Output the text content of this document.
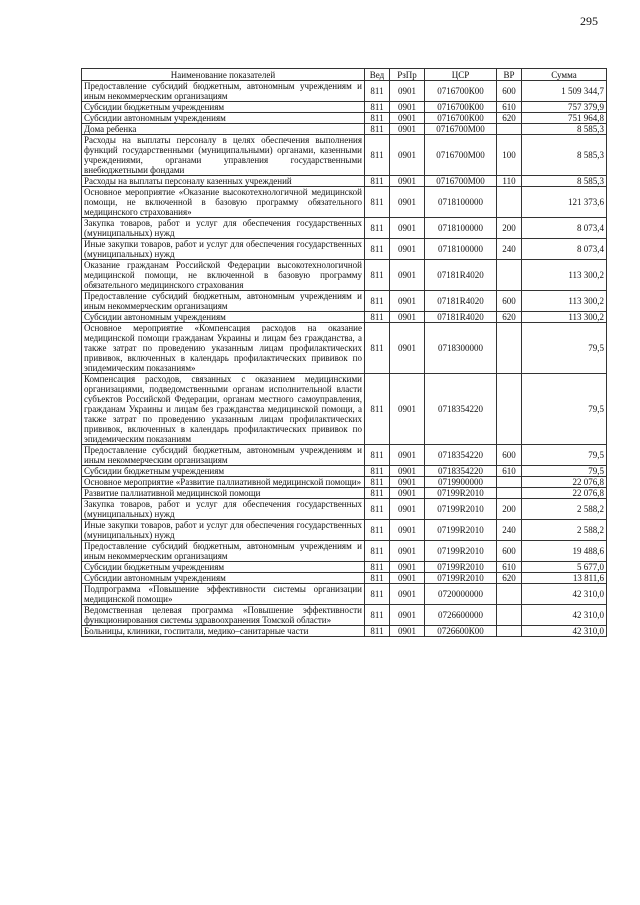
295
Наименование показателей	Вед	РзПр	ЦСР	ВР	Сумма
Предоставление субсидий бюджетным, автономным учреждениям и иным некоммерческим организациям	811	0901	0716700К00	600	1 509 344,7
Субсидии бюджетным учреждениям	811	0901	0716700К00	610	757 379,9
Субсидии автономным учреждениям	811	0901	0716700К00	620	751 964,8
Дома ребенка	811	0901	0716700М00		8 585,3
Расходы на выплаты персоналу в целях обеспечения выполнения функций государственными (муниципальными) органами, казенными учреждениями, органами управления государственными внебюджетными фондами	811	0901	0716700М00	100	8 585,3
Расходы на выплаты персоналу казенных учреждений	811	0901	0716700М00	110	8 585,3
Основное мероприятие «Оказание высокотехнологичной медицинской помощи, не включенной в базовую программу обязательного медицинского страхования»	811	0901	0718100000		121 373,6
Закупка товаров, работ и услуг для обеспечения государственных (муниципальных) нужд	811	0901	0718100000	200	8 073,4
Иные закупки товаров, работ и услуг для обеспечения государственных (муниципальных) нужд	811	0901	0718100000	240	8 073,4
Оказание гражданам Российской Федерации высокотехнологичной медицинской помощи, не включенной в базовую программу обязательного медицинского страхования	811	0901	07181R4020		113 300,2
Предоставление субсидий бюджетным, автономным учреждениям и иным некоммерческим организациям	811	0901	07181R4020	600	113 300,2
Субсидии автономным учреждениям	811	0901	07181R4020	620	113 300,2
Основное мероприятие «Компенсация расходов на оказание медицинской помощи гражданам Украины и лицам без гражданства, а также затрат по проведению указанным лицам профилактических прививок, включенных в календарь профилактических прививок по эпидемическим показаниям»	811	0901	0718300000		79,5
Компенсация расходов, связанных с оказанием медицинскими организациями, подведомственными органам исполнительной власти субъектов Российской Федерации, органам местного самоуправления, гражданам Украины и лицам без гражданства медицинской помощи, а также затрат по проведению указанным лицам профилактических прививок, включенных в календарь профилактических прививок по эпидемическим показаниям	811	0901	0718354220		79,5
Предоставление субсидий бюджетным, автономным учреждениям и иным некоммерческим организациям	811	0901	0718354220	600	79,5
Субсидии бюджетным учреждениям	811	0901	0718354220	610	79,5
Основное мероприятие «Развитие паллиативной медицинской помощи»	811	0901	0719900000		22 076,8
Развитие паллиативной медицинской помощи	811	0901	07199R2010		22 076,8
Закупка товаров, работ и услуг для обеспечения государственных (муниципальных) нужд	811	0901	07199R2010	200	2 588,2
Иные закупки товаров, работ и услуг для обеспечения государственных (муниципальных) нужд	811	0901	07199R2010	240	2 588,2
Предоставление субсидий бюджетным, автономным учреждениям и иным некоммерческим организациям	811	0901	07199R2010	600	19 488,6
Субсидии бюджетным учреждениям	811	0901	07199R2010	610	5 677,0
Субсидии автономным учреждениям	811	0901	07199R2010	620	13 811,6
Подпрограмма «Повышение эффективности системы организации медицинской помощи»	811	0901	0720000000		42 310,0
Ведомственная целевая программа «Повышение эффективности функционирования системы здравоохранения Томской области»	811	0901	0726600000		42 310,0
Больницы, клиники, госпитали, медико–санитарные части	811	0901	0726600К00		42 310,0
